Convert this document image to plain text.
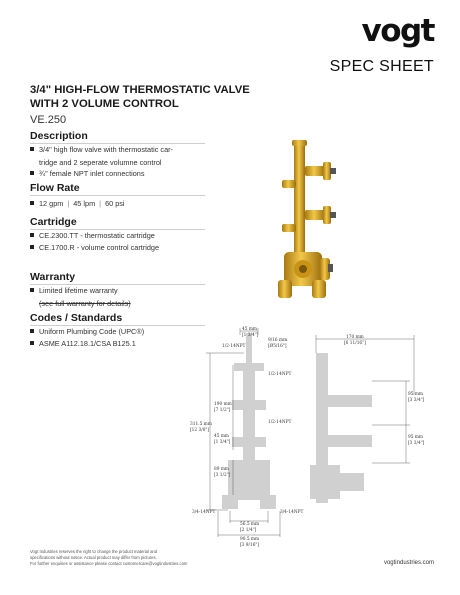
vogt
SPEC SHEET
3/4" HIGH-FLOW THERMOSTATIC VALVE
WITH 2 VOLUME CONTROL
VE.250
Description
3/4" high flow valve with thermostatic car-
tridge and 2 seperate volumne control
¾" female NPT inlet connections
Flow Rate
12 gpm | 45 lpm | 60 psi
Cartridge
CE.2300.TT - thermostatic cartridge
CE.1700.R - volume control cartridge
Warranty
Limited lifetime warranty
(see full warranty for details)
Codes / Standards
Uniform Plumbing Code (UPC®)
ASME A112.18.1/CSA B125.1
45 mm
[1 3/4"]
9/16 mm
[Ø5/16"]
170 mm
[6 11/16"]
1/2-14NPT
1/2-14NPT
1/2-14NPT
190 mm
[7 1/2"]
311.5 mm
[12 3/8"]
45 mm
[1 3/4"]
89 mm
[3 1/2"]
95 mm
[3 3/4"]
95 mm
[3 3/4"]
3/4-14NPT	3/4-14NPT
56.5 mm
[2 1/4"]
90.5 mm
[3 9/16"]
Vogt Industries reserves the right to change the product material and
specifications without notice. Actual product may differ from pictures.
For further enquiries or assistance please contact customercare@vogtindustries.com	vogtindustries.com
